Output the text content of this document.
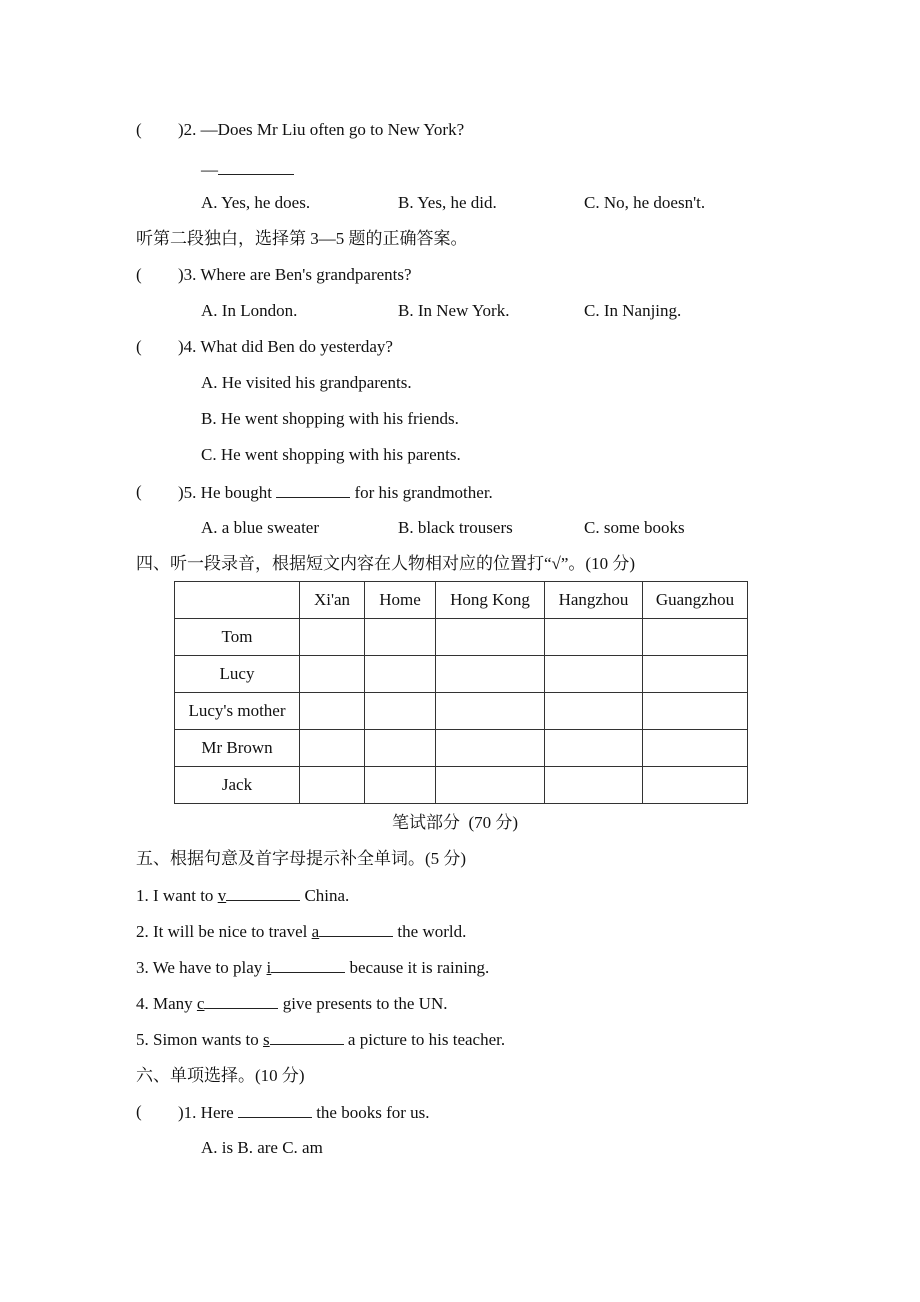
( )2. —Does Mr Liu often go to New York?
—
A. Yes, he does.	B. Yes, he did.	C. No, he doesn't.
听第二段独白，选择第 3—5 题的正确答案。
( )3. Where are Ben's grandparents?
A. In London.	B. In New York.	C. In Nanjing.
( )4. What did Ben do yesterday?
A. He visited his grandparents.
B. He went shopping with his friends.
C. He went shopping with his parents.
( )5. He bought	for his grandmother.
A. a blue sweater	B. black trousers	C. some books
四、听一段录音，根据短文内容在人物相对应的位置打“√”。(10 分)
	Xi'an	Home	Hong Kong	Hangzhou	Guangzhou
Tom					
Lucy					
Lucy's mother					
Mr Brown					
Jack					
笔试部分  (70 分)
五、根据句意及首字母提示补全单词。(5 分)
1. I want to v	China.
2. It will be nice to travel a	the world.
3. We have to play i	because it is raining.
4. Many c	give presents to the UN.
5. Simon wants to s	a picture to his teacher.
六、单项选择。(10 分)
( )1. Here	the books for us.
A. is B. are C. am
